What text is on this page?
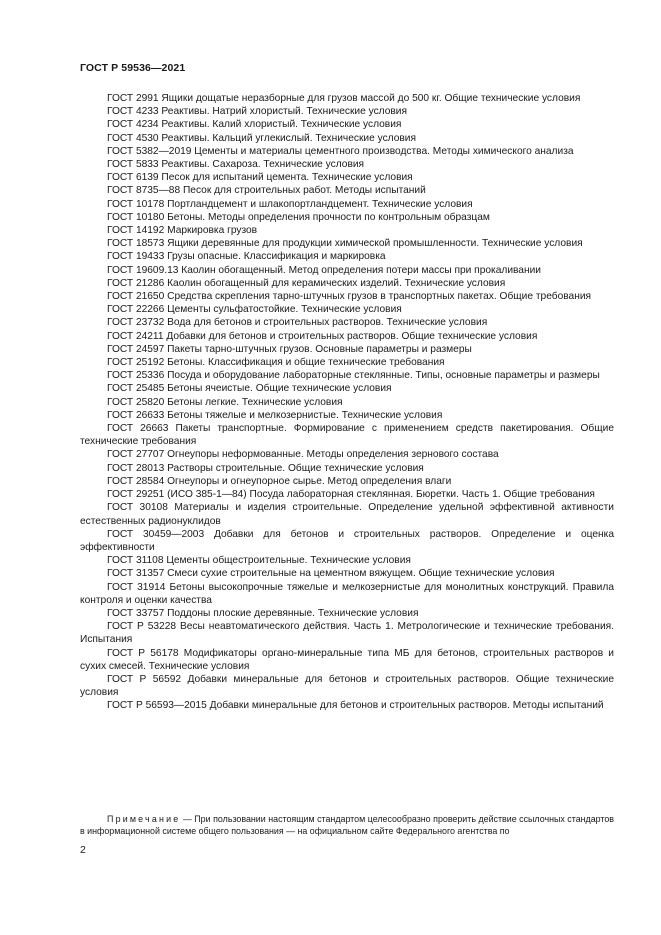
ГОСТ Р 59536—2021

ГОСТ 2991 Ящики дощатые неразборные для грузов массой до 500 кг. Общие технические условия

ГОСТ 4233 Реактивы. Натрий хлористый. Технические условия

ГОСТ 4234 Реактивы. Калий хлористый. Технические условия

ГОСТ 4530 Реактивы. Кальций углекислый. Технические условия

ГОСТ 5382—2019 Цементы и материалы цементного производства. Методы химического анализа

ГОСТ 5833 Реактивы. Сахароза. Технические условия

ГОСТ 6139 Песок для испытаний цемента. Технические условия

ГОСТ 8735—88 Песок для строительных работ. Методы испытаний

ГОСТ 10178 Портландцемент и шлакопортландцемент. Технические условия

ГОСТ 10180 Бетоны. Методы определения прочности по контрольным образцам

ГОСТ 14192 Маркировка грузов

ГОСТ 18573 Ящики деревянные для продукции химической промышленности. Технические условия

ГОСТ 19433 Грузы опасные. Классификация и маркировка

ГОСТ 19609.13 Каолин обогащенный. Метод определения потери массы при прокаливании

ГОСТ 21286 Каолин обогащенный для керамических изделий. Технические условия

ГОСТ 21650 Средства скрепления тарно-штучных грузов в транспортных пакетах. Общие требования

ГОСТ 22266 Цементы сульфатостойкие. Технические условия

ГОСТ 23732 Вода для бетонов и строительных растворов. Технические условия

ГОСТ 24211 Добавки для бетонов и строительных растворов. Общие технические условия

ГОСТ 24597 Пакеты тарно-штучных грузов. Основные параметры и размеры

ГОСТ 25192 Бетоны. Классификация и общие технические требования

ГОСТ 25336 Посуда и оборудование лабораторные стеклянные. Типы, основные параметры и размеры

ГОСТ 25485 Бетоны ячеистые. Общие технические условия

ГОСТ 25820 Бетоны легкие. Технические условия

ГОСТ 26633 Бетоны тяжелые и мелкозернистые. Технические условия

ГОСТ 26663 Пакеты транспортные. Формирование с применением средств пакетирования. Общие технические требования

ГОСТ 27707 Огнеупоры неформованные. Методы определения зернового состава

ГОСТ 28013 Растворы строительные. Общие технические условия

ГОСТ 28584 Огнеупоры и огнеупорное сырье. Метод определения влаги

ГОСТ 29251 (ИСО 385-1—84) Посуда лабораторная стеклянная. Бюретки. Часть 1. Общие требования

ГОСТ 30108 Материалы и изделия строительные. Определение удельной эффективной активности естественных радионуклидов

ГОСТ 30459—2003 Добавки для бетонов и строительных растворов. Определение и оценка эффективности

ГОСТ 31108 Цементы общестроительные. Технические условия

ГОСТ 31357 Смеси сухие строительные на цементном вяжущем. Общие технические условия

ГОСТ 31914 Бетоны высокопрочные тяжелые и мелкозернистые для монолитных конструкций. Правила контроля и оценки качества

ГОСТ 33757 Поддоны плоские деревянные. Технические условия

ГОСТ Р 53228 Весы неавтоматического действия. Часть 1. Метрологические и технические требования. Испытания

ГОСТ Р 56178 Модификаторы органо-минеральные типа МБ для бетонов, строительных растворов и сухих смесей. Технические условия

ГОСТ Р 56592 Добавки минеральные для бетонов и строительных растворов. Общие технические условия

ГОСТ Р 56593—2015 Добавки минеральные для бетонов и строительных растворов. Методы испытаний

Примечание — При пользовании настоящим стандартом целесообразно проверить действие ссылочных стандартов в информационной системе общего пользования — на официальном сайте Федерального агентства по

2
